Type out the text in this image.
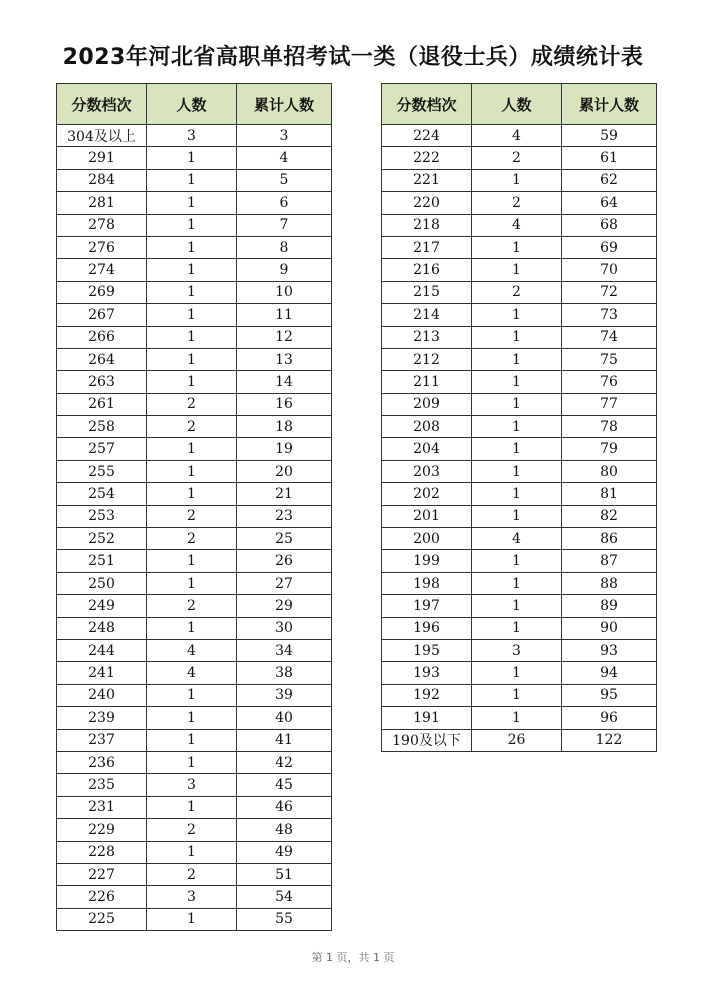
2023年河北省高职单招考试一类（退役士兵）成绩统计表
分数档次	人数	累计人数
304及以上	3	3
291	1	4
284	1	5
281	1	6
278	1	7
276	1	8
274	1	9
269	1	10
267	1	11
266	1	12
264	1	13
263	1	14
261	2	16
258	2	18
257	1	19
255	1	20
254	1	21
253	2	23
252	2	25
251	1	26
250	1	27
249	2	29
248	1	30
244	4	34
241	4	38
240	1	39
239	1	40
237	1	41
236	1	42
235	3	45
231	1	46
229	2	48
228	1	49
227	2	51
226	3	54
225	1	55
分数档次	人数	累计人数
224	4	59
222	2	61
221	1	62
220	2	64
218	4	68
217	1	69
216	1	70
215	2	72
214	1	73
213	1	74
212	1	75
211	1	76
209	1	77
208	1	78
204	1	79
203	1	80
202	1	81
201	1	82
200	4	86
199	1	87
198	1	88
197	1	89
196	1	90
195	3	93
193	1	94
192	1	95
191	1	96
190及以下	26	122
第 1 页，共 1 页
